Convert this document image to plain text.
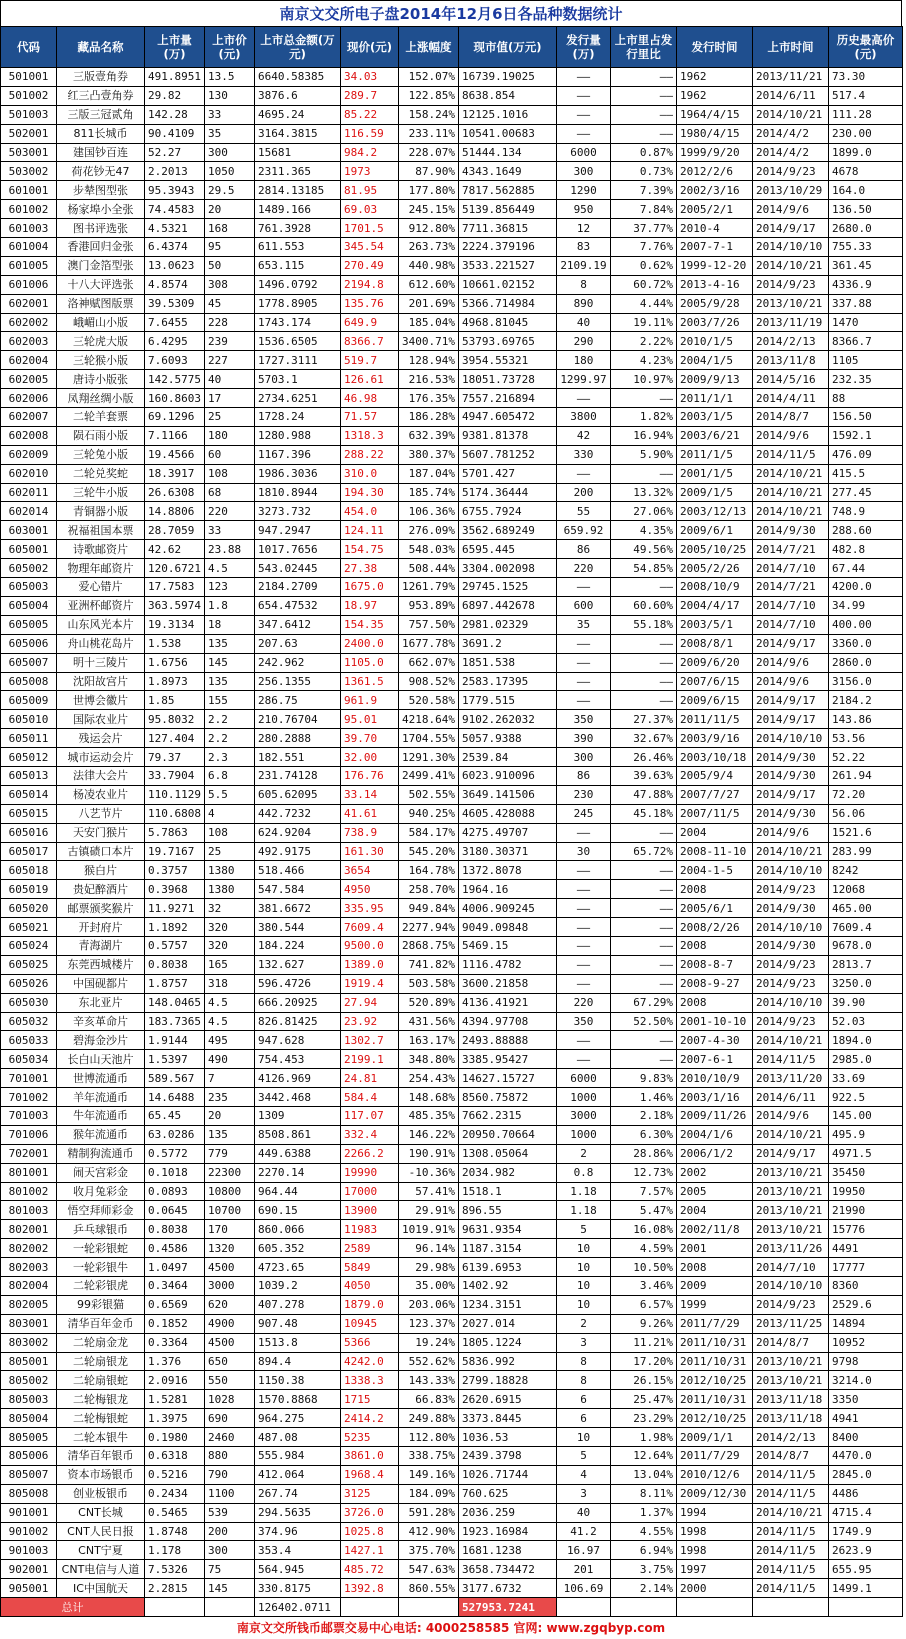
南京文交所电子盘2014年12月6日各品种数据统计
代码	藏品名称	上市量(万)	上市价(元)	上市总金额(万元)	现价(元)	上涨幅度	现市值(万元)	发行量(万)	上市里占发行里比	发行时间	上市时间	历史最高价(元)
501001	三版壹角券	491.8951	13.5	6640.58385	34.03	152.07%	16739.19025	——	——	1962	2013/11/21	73.30
501002	红三凸壹角券	29.82	130	3876.6	289.7	122.85%	8638.854	——	——	1962	2014/6/11	517.4
501003	三版三冠贰角	142.28	33	4695.24	85.22	158.24%	12125.1016	——	——	1964/4/15	2014/10/21	111.28
502001	811长城币	90.4109	35	3164.3815	116.59	233.11%	10541.00683	——	——	1980/4/15	2014/4/2	230.00
503001	建国钞百连	52.27	300	15681	984.2	228.07%	51444.134	6000	0.87%	1999/9/20	2014/4/2	1899.0
503002	荷花钞无47	2.2013	1050	2311.365	1973	87.90%	4343.1649	300	0.73%	2012/2/6	2014/9/23	4678
601001	步辇图型张	95.3943	29.5	2814.13185	81.95	177.80%	7817.562885	1290	7.39%	2002/3/16	2013/10/29	164.0
601002	杨家埠小全张	74.4583	20	1489.166	69.03	245.15%	5139.856449	950	7.84%	2005/2/1	2014/9/6	136.50
601003	图书评选张	4.5321	168	761.3928	1701.5	912.80%	7711.36815	12	37.77%	2010-4	2014/9/17	2680.0
601004	香港回归金张	6.4374	95	611.553	345.54	263.73%	2224.379196	83	7.76%	2007-7-1	2014/10/10	755.33
601005	澳门金箔型张	13.0623	50	653.115	270.49	440.98%	3533.221527	2109.19	0.62%	1999-12-20	2014/10/21	361.45
601006	十八大评选张	4.8574	308	1496.0792	2194.8	612.60%	10661.02152	8	60.72%	2013-4-16	2014/9/23	4336.9
602001	洛神赋图版票	39.5309	45	1778.8905	135.76	201.69%	5366.714984	890	4.44%	2005/9/28	2013/10/21	337.88
602002	峨嵋山小版	7.6455	228	1743.174	649.9	185.04%	4968.81045	40	19.11%	2003/7/26	2013/11/19	1470
602003	三轮虎大版	6.4295	239	1536.6505	8366.7	3400.71%	53793.69765	290	2.22%	2010/1/5	2014/2/13	8366.7
602004	三轮猴小版	7.6093	227	1727.3111	519.7	128.94%	3954.55321	180	4.23%	2004/1/5	2013/11/8	1105
602005	唐诗小版张	142.5775	40	5703.1	126.61	216.53%	18051.73728	1299.97	10.97%	2009/9/13	2014/5/16	232.35
602006	凤翔丝绸小版	160.8603	17	2734.6251	46.98	176.35%	7557.216894	——	——	2011/1/1	2014/4/11	88
602007	二轮羊套票	69.1296	25	1728.24	71.57	186.28%	4947.605472	3800	1.82%	2003/1/5	2014/8/7	156.50
602008	陨石雨小版	7.1166	180	1280.988	1318.3	632.39%	9381.81378	42	16.94%	2003/6/21	2014/9/6	1592.1
602009	三轮兔小版	19.4566	60	1167.396	288.22	380.37%	5607.781252	330	5.90%	2011/1/5	2014/11/5	476.09
602010	二轮兑奖蛇	18.3917	108	1986.3036	310.0	187.04%	5701.427	——	——	2001/1/5	2014/10/21	415.5
602011	三轮牛小版	26.6308	68	1810.8944	194.30	185.74%	5174.36444	200	13.32%	2009/1/5	2014/10/21	277.45
602014	青铜器小版	14.8806	220	3273.732	454.0	106.36%	6755.7924	55	27.06%	2003/12/13	2014/10/21	748.9
603001	祝福祖国本票	28.7059	33	947.2947	124.11	276.09%	3562.689249	659.92	4.35%	2009/6/1	2014/9/30	288.60
605001	诗歌邮资片	42.62	23.88	1017.7656	154.75	548.03%	6595.445	86	49.56%	2005/10/25	2014/7/21	482.8
605002	物理年邮资片	120.6721	4.5	543.02445	27.38	508.44%	3304.002098	220	54.85%	2005/2/26	2014/7/10	67.44
605003	爱心错片	17.7583	123	2184.2709	1675.0	1261.79%	29745.1525	——	——	2008/10/9	2014/7/21	4200.0
605004	亚洲杯邮资片	363.5974	1.8	654.47532	18.97	953.89%	6897.442678	600	60.60%	2004/4/17	2014/7/10	34.99
605005	山东风光本片	19.3134	18	347.6412	154.35	757.50%	2981.02329	35	55.18%	2003/5/1	2014/7/10	400.00
605006	舟山桃花岛片	1.538	135	207.63	2400.0	1677.78%	3691.2	——	——	2008/8/1	2014/9/17	3360.0
605007	明十三陵片	1.6756	145	242.962	1105.0	662.07%	1851.538	——	——	2009/6/20	2014/9/6	2860.0
605008	沈阳故宫片	1.8973	135	256.1355	1361.5	908.52%	2583.17395	——	——	2007/6/15	2014/9/6	3156.0
605009	世博会徽片	1.85	155	286.75	961.9	520.58%	1779.515	——	——	2009/6/15	2014/9/17	2184.2
605010	国际农业片	95.8032	2.2	210.76704	95.01	4218.64%	9102.262032	350	27.37%	2011/11/5	2014/9/17	143.86
605011	残运会片	127.404	2.2	280.2888	39.70	1704.55%	5057.9388	390	32.67%	2003/9/16	2014/10/10	53.56
605012	城市运动会片	79.37	2.3	182.551	32.00	1291.30%	2539.84	300	26.46%	2003/10/18	2014/9/30	52.22
605013	法律大会片	33.7904	6.8	231.74128	176.76	2499.41%	6023.910096	86	39.63%	2005/9/4	2014/9/30	261.94
605014	杨凌农业片	110.1129	5.5	605.62095	33.14	502.55%	3649.141506	230	47.88%	2007/7/27	2014/9/17	72.20
605015	八艺节片	110.6808	4	442.7232	41.61	940.25%	4605.428088	245	45.18%	2007/11/5	2014/9/30	56.06
605016	天安门猴片	5.7863	108	624.9204	738.9	584.17%	4275.49707	——	——	2004	2014/9/6	1521.6
605017	古镇碛口本片	19.7167	25	492.9175	161.30	545.20%	3180.30371	30	65.72%	2008-11-10	2014/10/21	283.99
605018	猴白片	0.3757	1380	518.466	3654	164.78%	1372.8078	——	——	2004-1-5	2014/10/10	8242
605019	贵妃醉酒片	0.3968	1380	547.584	4950	258.70%	1964.16	——	——	2008	2014/9/23	12068
605020	邮票颁奖猴片	11.9271	32	381.6672	335.95	949.84%	4006.909245	——	——	2005/6/1	2014/9/30	465.00
605021	开封府片	1.1892	320	380.544	7609.4	2277.94%	9049.09848	——	——	2008/2/26	2014/10/10	7609.4
605024	青海湖片	0.5757	320	184.224	9500.0	2868.75%	5469.15	——	——	2008	2014/9/30	9678.0
605025	东莞西城楼片	0.8038	165	132.627	1389.0	741.82%	1116.4782	——	——	2008-8-7	2014/9/23	2813.7
605026	中国砚都片	1.8757	318	596.4726	1919.4	503.58%	3600.21858	——	——	2008-9-27	2014/9/23	3250.0
605030	东北亚片	148.0465	4.5	666.20925	27.94	520.89%	4136.41921	220	67.29%	2008	2014/10/10	39.90
605032	辛亥革命片	183.7365	4.5	826.81425	23.92	431.56%	4394.97708	350	52.50%	2001-10-10	2014/9/23	52.03
605033	碧海金沙片	1.9144	495	947.628	1302.7	163.17%	2493.88888	——	——	2007-4-30	2014/10/21	1894.0
605034	长白山天池片	1.5397	490	754.453	2199.1	348.80%	3385.95427	——	——	2007-6-1	2014/11/5	2985.0
701001	世博流通币	589.567	7	4126.969	24.81	254.43%	14627.15727	6000	9.83%	2010/10/9	2013/11/20	33.69
701002	羊年流通币	14.6488	235	3442.468	584.4	148.68%	8560.75872	1000	1.46%	2003/1/16	2014/6/11	922.5
701003	牛年流通币	65.45	20	1309	117.07	485.35%	7662.2315	3000	2.18%	2009/11/26	2014/9/6	145.00
701006	猴年流通币	63.0286	135	8508.861	332.4	146.22%	20950.70664	1000	6.30%	2004/1/6	2014/10/21	495.9
702001	精制狗流通币	0.5772	779	449.6388	2266.2	190.91%	1308.05064	2	28.86%	2006/1/2	2014/9/17	4971.5
801001	闹天宫彩金	0.1018	22300	2270.14	19990	-10.36%	2034.982	0.8	12.73%	2002	2013/10/21	35450
801002	收月兔彩金	0.0893	10800	964.44	17000	57.41%	1518.1	1.18	7.57%	2005	2013/10/21	19950
801003	悟空拜师彩金	0.0645	10700	690.15	13900	29.91%	896.55	1.18	5.47%	2004	2013/10/21	21990
802001	乒乓球银币	0.8038	170	860.066	11983	1019.91%	9631.9354	5	16.08%	2002/11/8	2013/10/21	15776
802002	一轮彩银蛇	0.4586	1320	605.352	2589	96.14%	1187.3154	10	4.59%	2001	2013/11/26	4491
802003	一轮彩银牛	1.0497	4500	4723.65	5849	29.98%	6139.6953	10	10.50%	2008	2014/7/10	17777
802004	二轮彩银虎	0.3464	3000	1039.2	4050	35.00%	1402.92	10	3.46%	2009	2014/10/10	8360
802005	99彩银猫	0.6569	620	407.278	1879.0	203.06%	1234.3151	10	6.57%	1999	2014/9/23	2529.6
803001	清华百年金币	0.1852	4900	907.48	10945	123.37%	2027.014	2	9.26%	2011/7/29	2013/11/25	14894
803002	二轮扇金龙	0.3364	4500	1513.8	5366	19.24%	1805.1224	3	11.21%	2011/10/31	2014/8/7	10952
805001	二轮扇银龙	1.376	650	894.4	4242.0	552.62%	5836.992	8	17.20%	2011/10/31	2013/10/21	9798
805002	二轮扇银蛇	2.0916	550	1150.38	1338.3	143.33%	2799.18828	8	26.15%	2012/10/25	2013/10/21	3214.0
805003	二轮梅银龙	1.5281	1028	1570.8868	1715	66.83%	2620.6915	6	25.47%	2011/10/31	2013/11/18	3350
805004	二轮梅银蛇	1.3975	690	964.275	2414.2	249.88%	3373.8445	6	23.29%	2012/10/25	2013/11/18	4941
805005	二轮本银牛	0.1980	2460	487.08	5235	112.80%	1036.53	10	1.98%	2009/1/1	2014/2/13	8400
805006	清华百年银币	0.6318	880	555.984	3861.0	338.75%	2439.3798	5	12.64%	2011/7/29	2014/8/7	4470.0
805007	资本市场银币	0.5216	790	412.064	1968.4	149.16%	1026.71744	4	13.04%	2010/12/6	2014/11/5	2845.0
805008	创业板银币	0.2434	1100	267.74	3125	184.09%	760.625	3	8.11%	2009/12/30	2014/11/5	4486
901001	CNT长城	0.5465	539	294.5635	3726.0	591.28%	2036.259	40	1.37%	1994	2014/10/21	4715.4
901002	CNT人民日报	1.8748	200	374.96	1025.8	412.90%	1923.16984	41.2	4.55%	1998	2014/11/5	1749.9
901003	CNT宁夏	1.178	300	353.4	1427.1	375.70%	1681.1238	16.97	6.94%	1998	2014/11/5	2623.9
902001	CNT电信与人道	7.5326	75	564.945	485.72	547.63%	3658.734472	201	3.75%	1997	2014/11/5	655.95
905001	IC中国航天	2.2815	145	330.8175	1392.8	860.55%	3177.6732	106.69	2.14%	2000	2014/11/5	1499.1
总计				126402.0711			527953.7241					
南京文交所钱币邮票交易中心电话: 4000258585 官网: www.zgqbyp.com
